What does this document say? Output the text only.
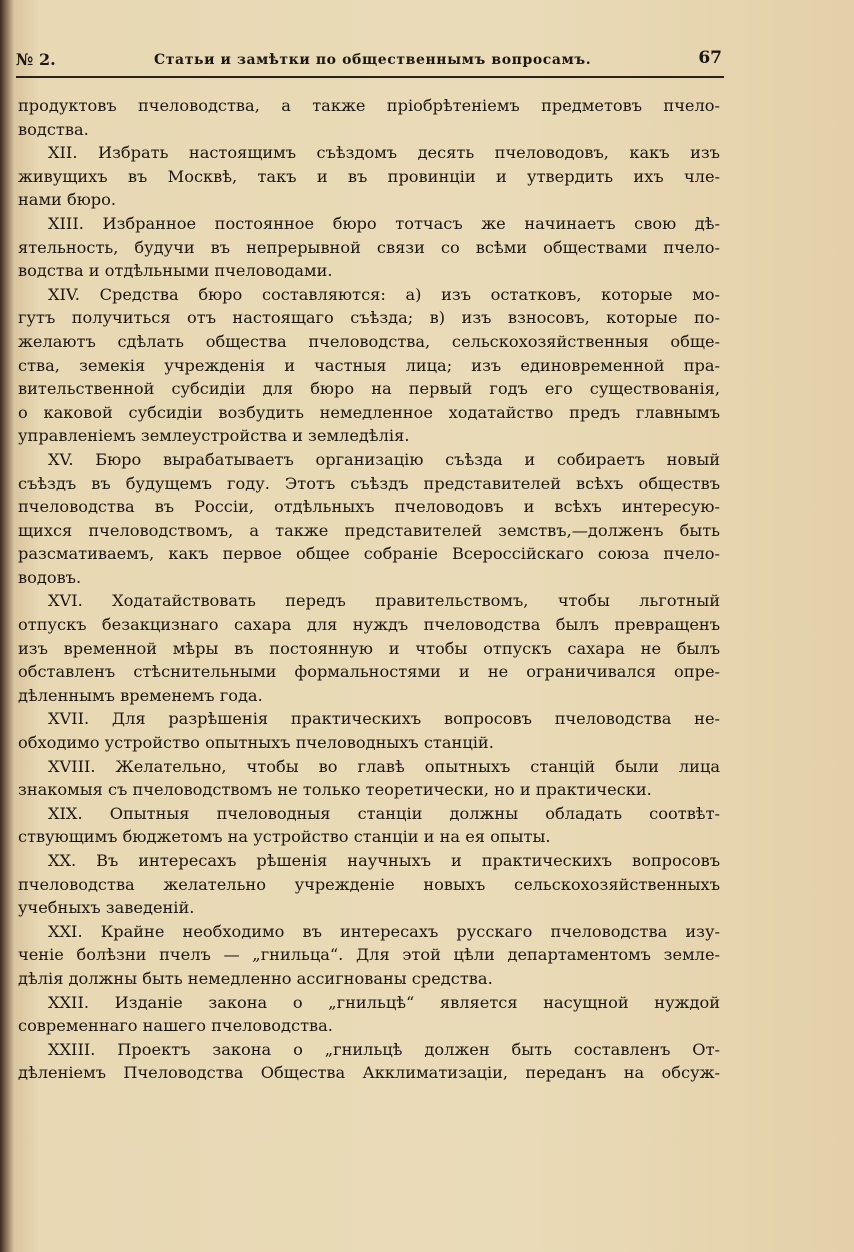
№ 2.	Статьи и замѣтки по общественнымъ вопросамъ.	67
продуктовъ пчеловодства, а также пріобрѣтеніемъ предметовъ пчело-
водства.
XII. Избрать настоящимъ съѣздомъ десять пчеловодовъ, какъ изъ
живущихъ въ Москвѣ, такъ и въ провинціи и утвердить ихъ чле-
нами бюро.
XIII. Избранное постоянное бюро тотчасъ же начинаетъ свою дѣ-
ятельность, будучи въ непрерывной связи со всѣми обществами пчело-
водства и отдѣльными пчеловодами.
XIV. Средства бюро составляются: а) изъ остатковъ, которые мо-
гутъ получиться отъ настоящаго съѣзда; в) изъ взносовъ, которые по-
желаютъ сдѣлать общества пчеловодства, сельскохозяйственныя обще-
ства, земекія учрежденія и частныя лица; изъ единовременной пра-
вительственной субсидіи для бюро на первый годъ его существованія,
о каковой субсидіи возбудить немедленное ходатайство предъ главнымъ
управленіемъ землеустройства и земледѣлія.
XV. Бюро вырабатываетъ организацію съѣзда и собираетъ новый
съѣздъ въ будущемъ году. Этотъ съѣздъ представителей всѣхъ обществъ
пчеловодства въ Россіи, отдѣльныхъ пчеловодовъ и всѣхъ интересую-
щихся пчеловодствомъ, а также представителей земствъ,—долженъ быть
разсмативаемъ, какъ первое общее собраніе Всероссійскаго союза пчело-
водовъ.
XVI. Ходатайствовать передъ правительствомъ, чтобы льготный
отпускъ безакцизнаго сахара для нуждъ пчеловодства былъ превращенъ
изъ временной мѣры въ постоянную и чтобы отпускъ сахара не былъ
обставленъ стѣснительными формальностями и не ограничивался опре-
дѣленнымъ временемъ года.
XVII. Для разрѣшенія практическихъ вопросовъ пчеловодства не-
обходимо устройство опытныхъ пчеловодныхъ станцій.
XVIII. Желательно, чтобы во главѣ опытныхъ станцій были лица
знакомыя съ пчеловодствомъ не только теоретически, но и практически.
XIX. Опытныя пчеловодныя станціи должны обладать соотвѣт-
ствующимъ бюджетомъ на устройство станціи и на ея опыты.
XX. Въ интересахъ рѣшенія научныхъ и практическихъ вопросовъ
пчеловодства желательно учрежденіе новыхъ сельскохозяйственныхъ
учебныхъ заведеній.
XXI. Крайне необходимо въ интересахъ русскаго пчеловодства изу-
ченіе болѣзни пчелъ — „гнильца“. Для этой цѣли департаментомъ земле-
дѣлія должны быть немедленно ассигнованы средства.
XXII. Изданіе закона о „гнильцѣ“ является насущной нуждой
современнаго нашего пчеловодства.
XXIII. Проектъ закона о „гнильцѣ должен быть составленъ От-
дѣленіемъ Пчеловодства Общества Акклиматизаціи, переданъ на обсуж-
